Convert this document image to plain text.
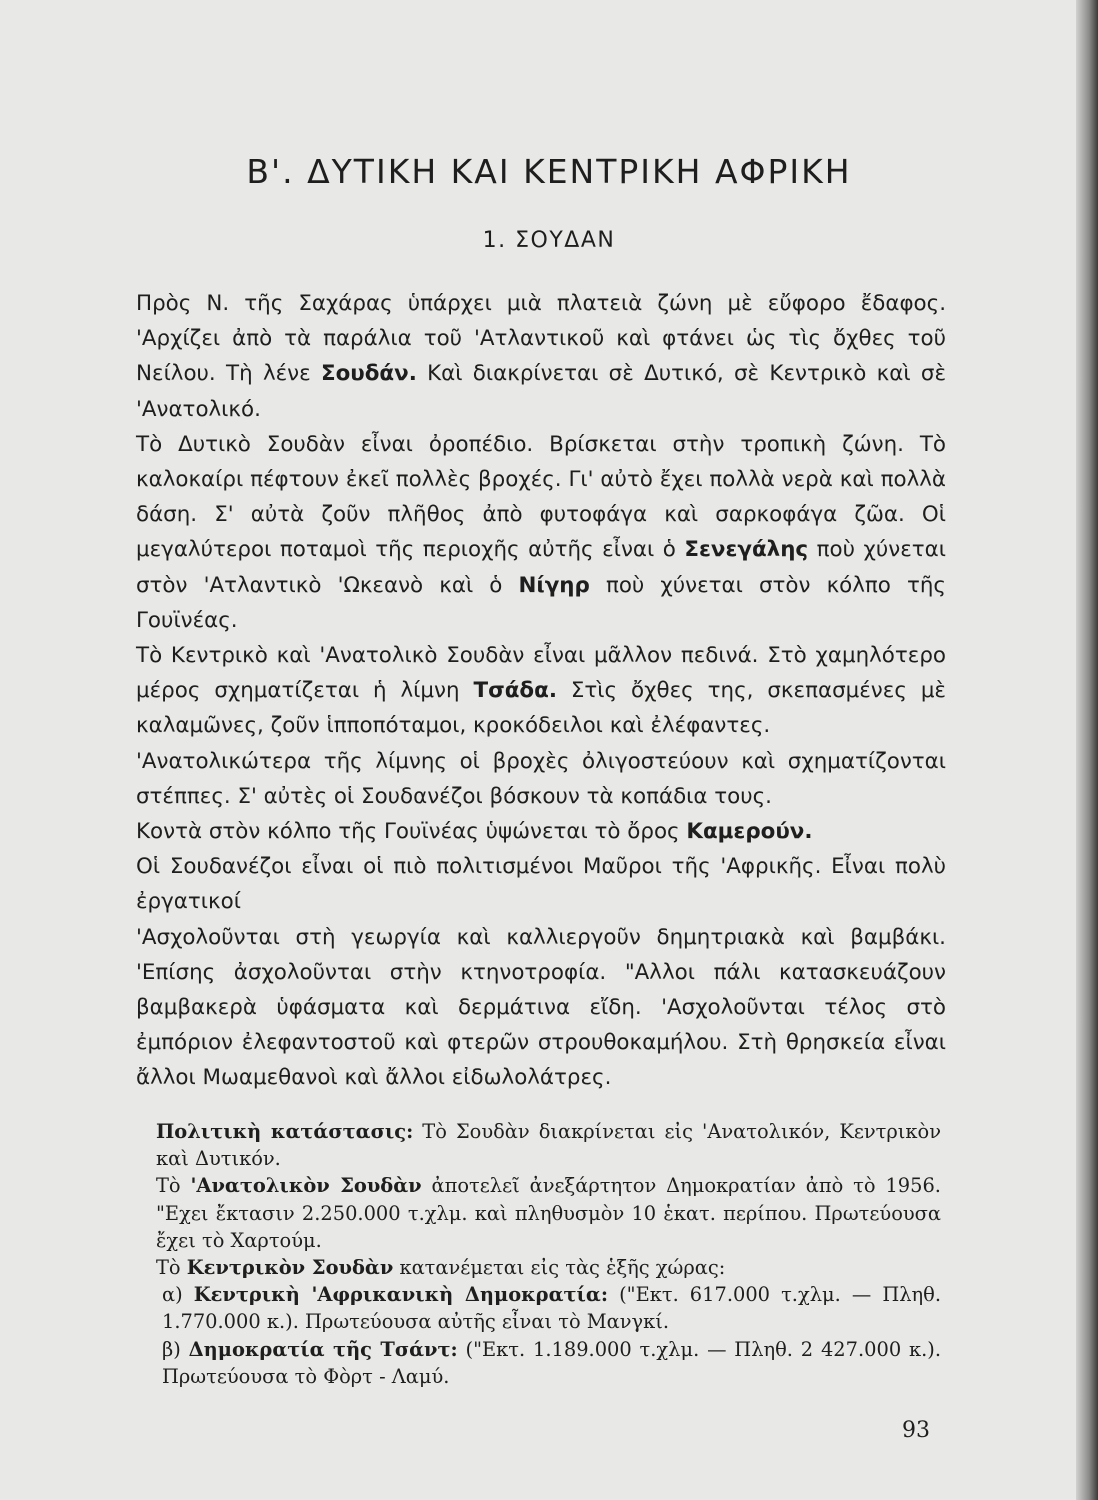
Β'. ΔΥΤΙΚΗ ΚΑΙ ΚΕΝΤΡΙΚΗ ΑΦΡΙΚΗ
1. ΣΟΥΔΑΝ

Πρὸς Ν. τῆς Σαχάρας ὑπάρχει μιὰ πλατειὰ ζώνη μὲ εὔφορο ἔδαφος. 'Αρχίζει ἀπὸ τὰ παράλια τοῦ 'Ατλαντικοῦ καὶ φτάνει ὡς τὶς ὄχθες τοῦ Νείλου. Τὴ λένε Σουδάν. Καὶ διακρίνεται σὲ Δυτικό, σὲ Κεντρικὸ καὶ σὲ 'Ανατολικό.

Τὸ Δυτικὸ Σουδὰν εἶναι ὀροπέδιο. Βρίσκεται στὴν τροπικὴ ζώνη. Τὸ καλοκαίρι πέφτουν ἐκεῖ πολλὲς βροχές. Γι' αὐτὸ ἔχει πολλὰ νερὰ καὶ πολλὰ δάση. Σ' αὐτὰ ζοῦν πλῆθος ἀπὸ φυτοφάγα καὶ σαρκοφάγα ζῶα. Οἱ μεγαλύτεροι ποταμοὶ τῆς περιοχῆς αὐτῆς εἶναι ὁ Σενεγάλης ποὺ χύνεται στὸν 'Ατλαντικὸ 'Ωκεανὸ καὶ ὁ Νίγηρ ποὺ χύνεται στὸν κόλπο τῆς Γουϊνέας.

Τὸ Κεντρικὸ καὶ 'Ανατολικὸ Σουδὰν εἶναι μᾶλλον πεδινά. Στὸ χαμηλότερο μέρος σχηματίζεται ἡ λίμνη Τσάδα. Στὶς ὄχθες της, σκεπασμένες μὲ καλαμῶνες, ζοῦν ἱπποπόταμοι, κροκόδειλοι καὶ ἐλέφαντες.

'Ανατολικώτερα τῆς λίμνης οἱ βροχὲς ὀλιγοστεύουν καὶ σχηματίζονται στέππες. Σ' αὐτὲς οἱ Σουδανέζοι βόσκουν τὰ κοπάδια τους.

Κοντὰ στὸν κόλπο τῆς Γουϊνέας ὑψώνεται τὸ ὄρος Καμερούν.

Οἱ Σουδανέζοι εἶναι οἱ πιὸ πολιτισμένοι Μαῦροι τῆς 'Αφρικῆς. Εἶναι πολὺ ἐργατικοί

'Ασχολοῦνται στὴ γεωργία καὶ καλλιεργοῦν δημητριακὰ καὶ βαμβάκι. 'Επίσης ἀσχολοῦνται στὴν κτηνοτροφία. "Αλλοι πάλι κατασκευάζουν βαμβακερὰ ὑφάσματα καὶ δερμάτινα εἴδη. 'Ασχολοῦνται τέλος στὸ ἐμπόριον ἐλεφαντοστοῦ καὶ φτερῶν στρουθοκαμήλου. Στὴ θρησκεία εἶναι ἄλλοι Μωαμεθανοὶ καὶ ἄλλοι εἰδωλολάτρες.

Πολιτικὴ κατάστασις: Τὸ Σουδὰν διακρίνεται εἰς 'Ανατολικόν, Κεντρικὸν καὶ Δυτικόν.

Τὸ 'Ανατολικὸν Σουδὰν ἀποτελεῖ ἀνεξάρτητον Δημοκρατίαν ἀπὸ τὸ 1956. "Εχει ἔκτασιν 2.250.000 τ.χλμ. καὶ πληθυσμὸν 10 ἑκατ. περίπου. Πρωτεύουσα ἔχει τὸ Χαρτούμ.

Τὸ Κεντρικὸν Σουδὰν κατανέμεται εἰς τὰς ἑξῆς χώρας:

α) Κεντρικὴ 'Αφρικανικὴ Δημοκρατία: ("Εκτ. 617.000 τ.χλμ. — Πληθ. 1.770.000 κ.). Πρωτεύουσα αὐτῆς εἶναι τὸ Μανγκί.

β) Δημοκρατία τῆς Τσάντ: ("Εκτ. 1.189.000 τ.χλμ. — Πληθ. 2 427.000 κ.). Πρωτεύουσα τὸ Φὸρτ - Λαμύ.

93
